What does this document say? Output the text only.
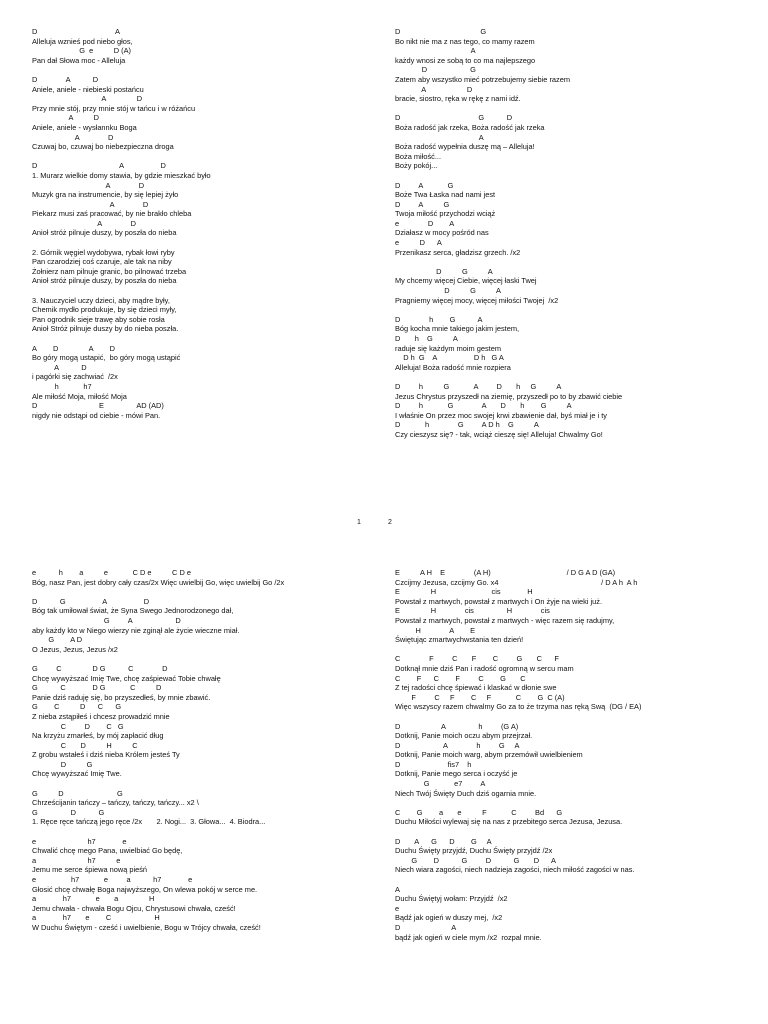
D                                      A
Alleluja wznieś pod niebo głos,
G  e          D (A)
Pan dał Słowa moc - Alleluja

D              A           D
Aniele, aniele - niebieski postańcu
A               D
Przy mnie stój, przy mnie stój w tańcu i w różańcu
A          D
Aniele, aniele - wysłannku Boga
A              D
Czuwaj bo, czuwaj bo niebezpieczna droga

D                                        A                  D
1. Murarz wielkie domy stawia, by gdzie mieszkać było
A              D
Muzyk gra na instrumencie, by się lepiej żyło
A              D
Piekarz musi zaś pracować, by nie brakło chleba
A              D
Anioł stróż pilnuje duszy, by poszła do nieba

2. Górnik węgiel wydobywa, rybak łowi ryby
Pan czarodziej coś czaruje, ale tak na niby
Żołnierz nam pilnuje granic, bo pilnować trzeba
Anioł stróż pilnuje duszy, by poszła do nieba

3. Nauczyciel uczy dzieci, aby mądre były,
Chemik mydło produkuje, by się dzieci myły,
Pan ogrodnik sieje trawę aby sobie rosła
Anioł Stróż pilnuje duszy by do nieba poszła.

A        D               A        D
Bo góry mogą ustapić,  bo góry mogą ustąpić
A           D
i pagórki się zachwiać  /2x
h            h7
Ale miłość Moja, miłość Moja
D                              E                AD (AD)
nigdy nie odstąpi od ciebie - mówi Pan.
D                                       G
Bo nikt nie ma z nas tego, co mamy razem
A
każdy wnosi ze sobą to co ma najlepszego
D                     G
Zatem aby wszystko mieć potrzebujemy siebie razem
A                    D
bracie, siostro, ręka w rękę z nami idź.

D                                      G           D
Boża radość jak rzeka, Boża radość jak rzeka
A
Boża radość wypełnia duszę mą – Alleluja!
Boża miłość...
Boży pokój...

D         A            G
Boże Twa Łaska nad nami jest
D         A          G
Twoja miłość przychodzi wciąż
e              D        A
Działasz w mocy pośród nas
e          D      A
Przenikasz serca, gładzisz grzech. /x2

D          G          A
My chcemy więcej Ciebie, więcej łaski Twej
D          G          A
Pragniemy więcej mocy, więcej miłości Twojej  /x2

D              h        G           A
Bóg kocha mnie takiego jakim jestem,
D       h    G          A
raduje się każdym moim gestem
D h  G    A                  D h   G A
Alleluja! Boża radość mnie rozpiera

D         h          G            A         D       h     G          A
Jezus Chrystus przyszedł na ziemię, przyszedł po to by zbawić ciebie
D         h            G              A       D       h        G          A
I właśnie On przez moc swojej krwi zbawienie dał, byś miał je i ty
D            h              G         A D h    G          A
Czy cieszysz się? - tak, wciąż cieszę się! Alleluja! Chwalmy Go!
e           h        a          e            C D e          C D e
Bóg, nasz Pan, jest dobry cały czas/2x Więc uwielbij Go, więc uwielbij Go /2x

D           G                  A                  D
Bóg tak umiłował świat, że Syna Swego Jednorodzonego dał,
G         A                     D
aby każdy kto w Niego wierzy nie zginął ale życie wieczne miał.
G        A D
O Jezus, Jezus, Jezus /x2

G         C               D G           C              D
Chcę wywyższać Imię Twe, chcę zaśpiewać Tobie chwałę
G           C             D G            C          D
Panie dziś raduję się, bo przyszedłeś, by mnie zbawić.
G        C          D      C      G
Z nieba zstąpiłeś i chcesz prowadzić mnie
C         D        C   G
Na krzyżu zmarłeś, by mój zapłacić dług
C       D          H          C
Z grobu wstałeś i dziś nieba Królem jesteś Ty
D          G
Chcę wywyższać Imię Twe.

G          D                          G
Chrześcijanin tańczy – tańczy, tańczy, tańczy... x2 \
G                D           G
1. Ręce ręce tańczą jego ręce /2x       2. Nogi...  3. Głowa...  4. Biodra...

e                         h7             e
Chwalić chcę mego Pana, uwielbiać Go będę,
a                         h7          e
Jemu me serce śpiewa nową pieśń
e                 h7            e         a           h7             e
Głosić chcę chwałę Boga najwyższego, On wlewa pokój w serce me.
a             h7            e       a               H
Jemu chwała - chwała Bogu Ojcu, Chrystusowi chwała, cześć!
a             h7       e        C                     H
W Duchu Świętym - cześć i uwielbienie, Bogu w Trójcy chwała, cześć!
E          A H    E              (A H)                                     / D G A D (GA)
Czcijmy Jezusa, czcijmy Go. x4                                                  / D A h  A h
E               H                           cis             H
Powstał z martwych, powstał z martwych i On żyje na wieki już.
E               H              cis                H              cis
Powstał z martwych, powstał z martwych - więc razem się radujmy,
H              A        E
Świętując zmartwychwstania ten dzień!

C              F         C       F        C         G       C      F
Dotknął mnie dziś Pan i radość ogromną w sercu mam
C        F      C        F         C        G       C
Z tej radości chcę śpiewać i klaskać w dłonie swe
F         C     F        C     F            C        G  C (A)
Więc wszyscy razem chwalmy Go za to że trzyma nas ręką Swą  (DG / EA)

D                    A                h         (G A)
Dotknij, Panie moich oczu abym przejrzał.
D                     A              h         G     A
Dotknij, Panie moich warg, abym przemówił uwielbieniem
D                       fis7    h
Dotknij, Panie mego serca i oczyść je
G            e7         A
Niech Twój Święty Duch dziś ogarnia mnie.

C        G        a       e          F            C         Bd      G
Duchu Miłości wylewaj się na nas z przebitego serca Jezusa, Jezusa.

D       A      G      D        G     A
Duchu Święty przyjdź, Duchu Święty przyjdź /2x
G        D           G         D           G       D      A
Niech wiara zagości, niech nadzieja zagości, niech miłość zagości w nas.

A
Duchu Świętyj wołam: Przyjdź  /x2
e
Bądź jak ogień w duszy mej,  /x2
D                         A
bądź jak ogień w ciele mym /x2  rozpal mnie.
1	2
